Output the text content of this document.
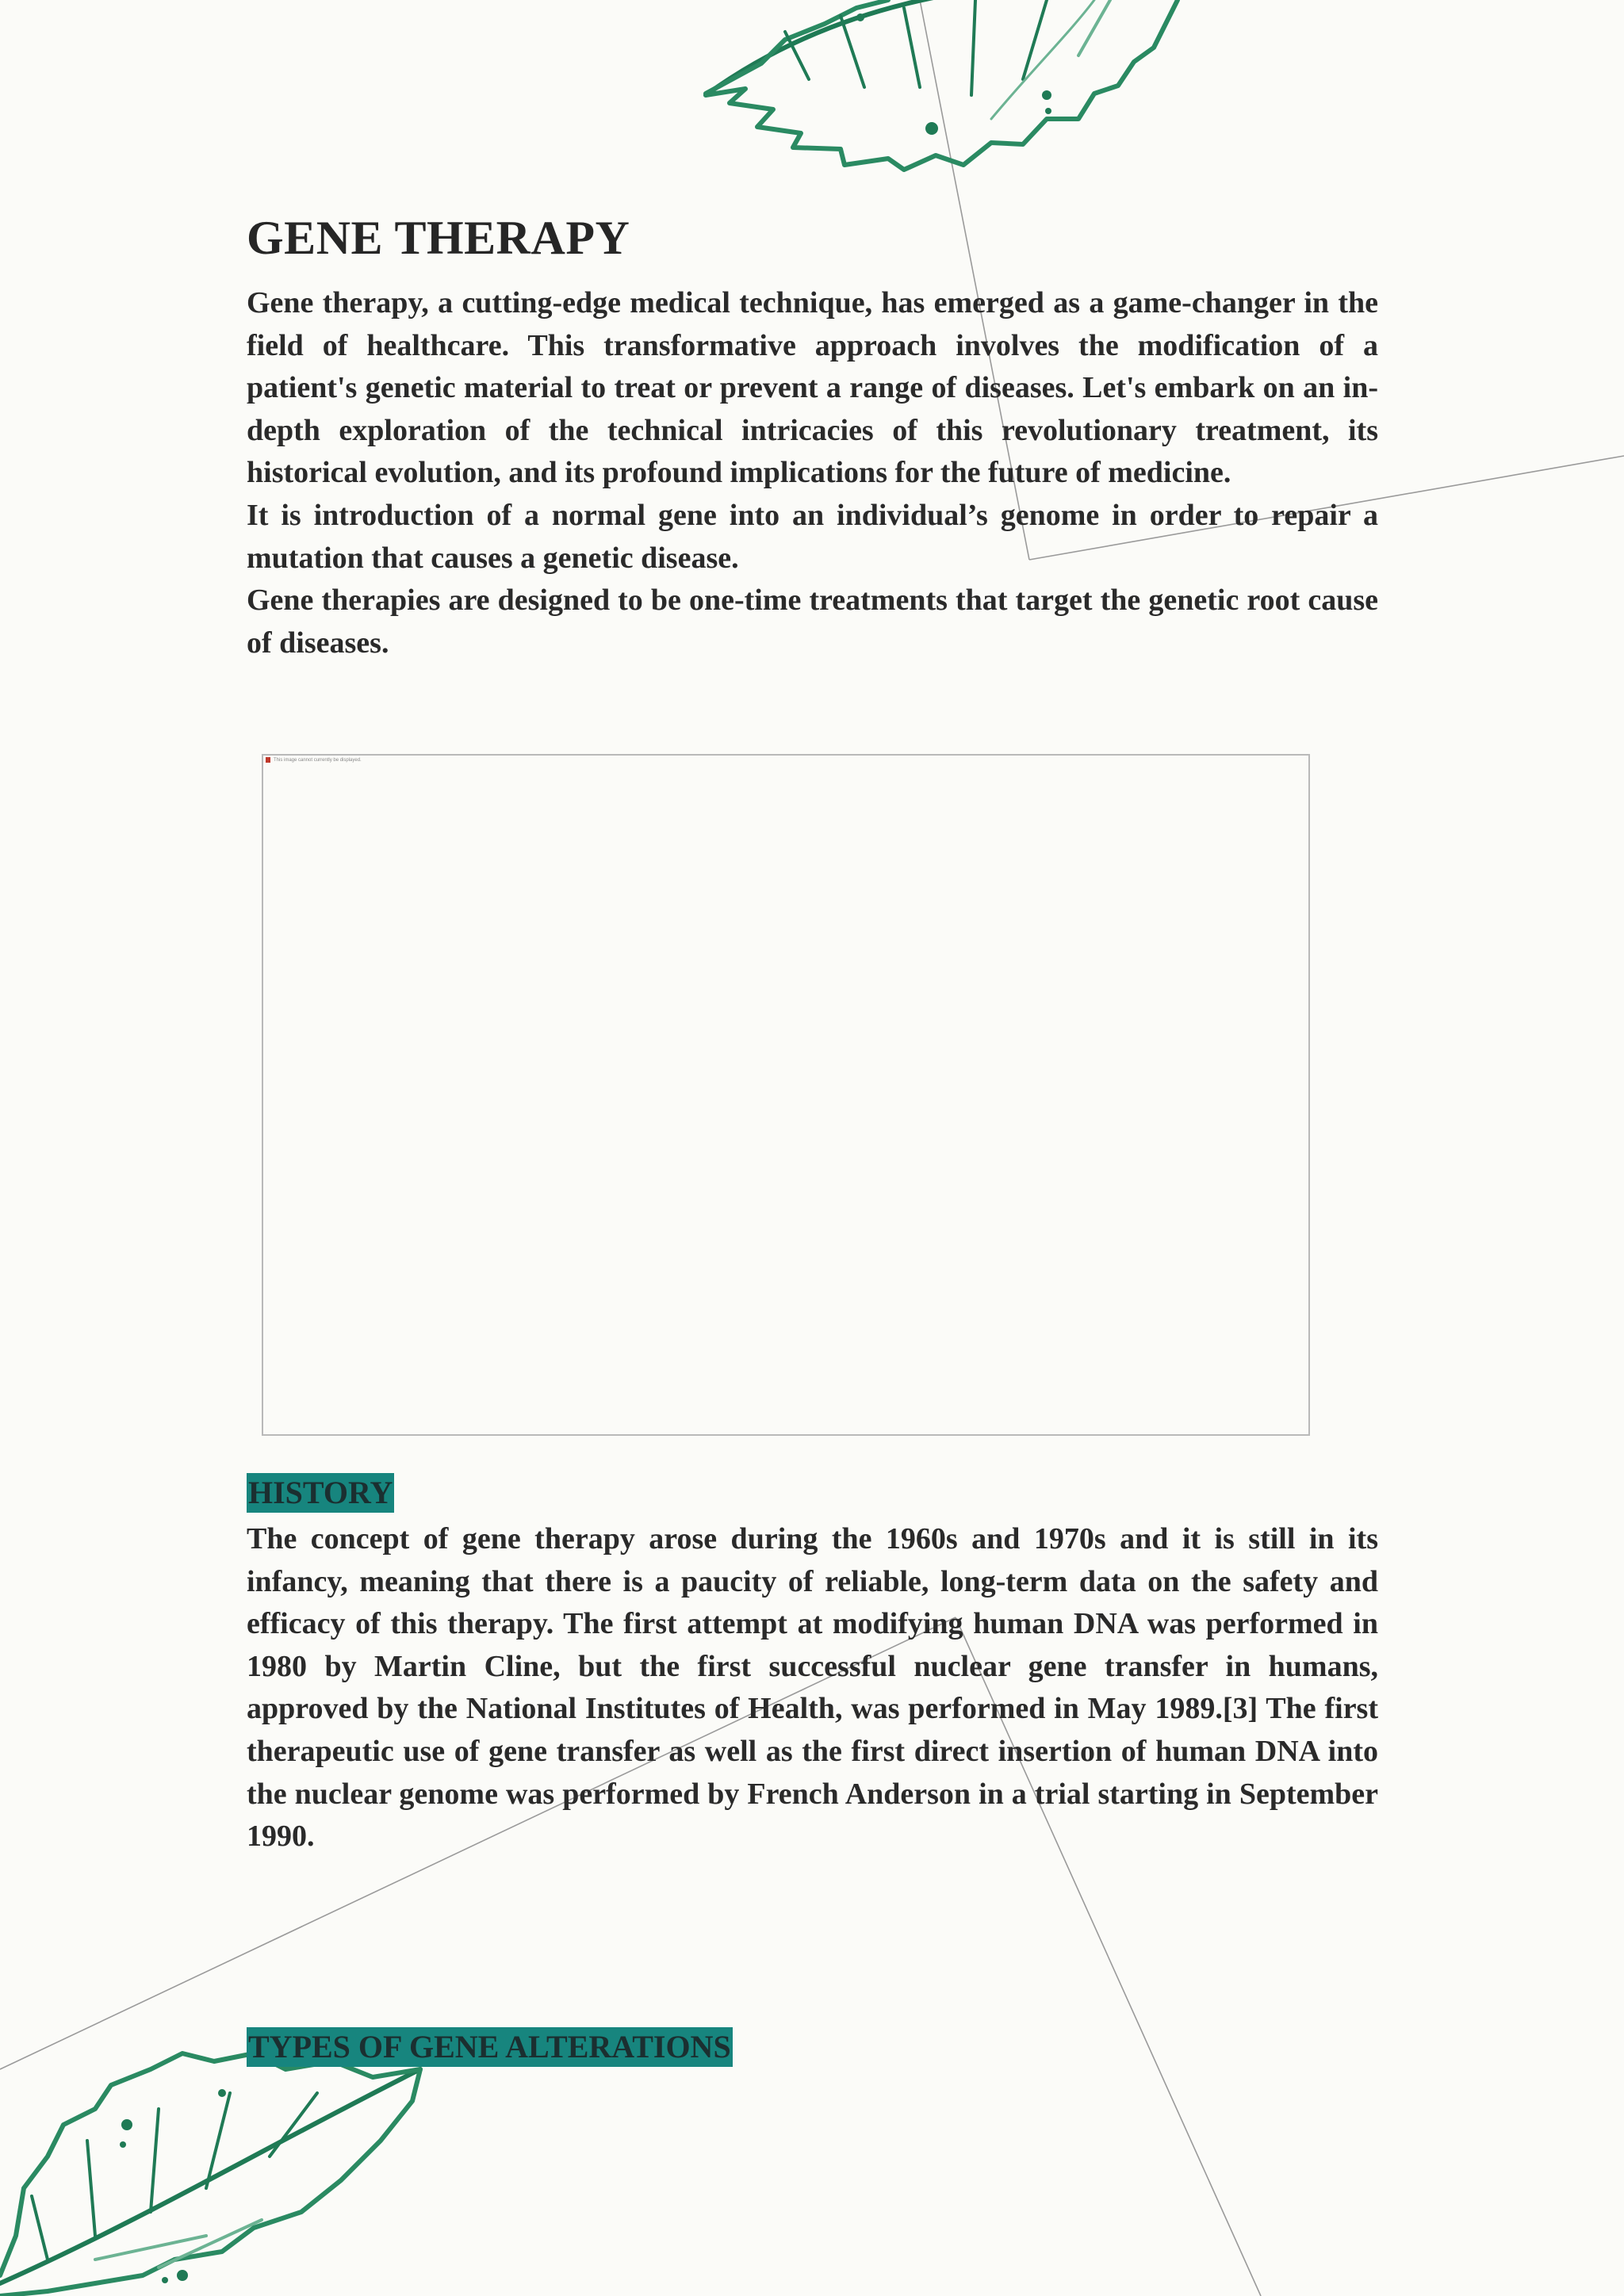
GENE THERAPY

Gene therapy, a cutting-edge medical technique, has emerged as a game-changer in the field of healthcare. This transformative approach involves the modification of a patient's genetic material to treat or prevent a range of diseases. Let's embark on an in-depth exploration of the technical intricacies of this revolutionary treatment, its historical evolution, and its profound implications for the future of medicine.

It is introduction of a normal gene into an individual’s genome in order to repair a mutation that causes a genetic disease.

Gene therapies are designed to be one-time treatments that target the genetic root cause of diseases.

This image cannot currently be displayed.
HISTORY

The concept of gene therapy arose during the 1960s and 1970s and it is still in its infancy, meaning that there is a paucity of reliable, long-term data on the safety and efficacy of this therapy. The first attempt at modifying human DNA was performed in 1980 by Martin Cline, but the first successful nuclear gene transfer in humans, approved by the National Institutes of Health, was performed in May 1989.[3] The first therapeutic use of gene transfer as well as the first direct insertion of human DNA into the nuclear genome was performed by French Anderson in a trial starting in September 1990.

TYPES OF GENE ALTERATIONS
